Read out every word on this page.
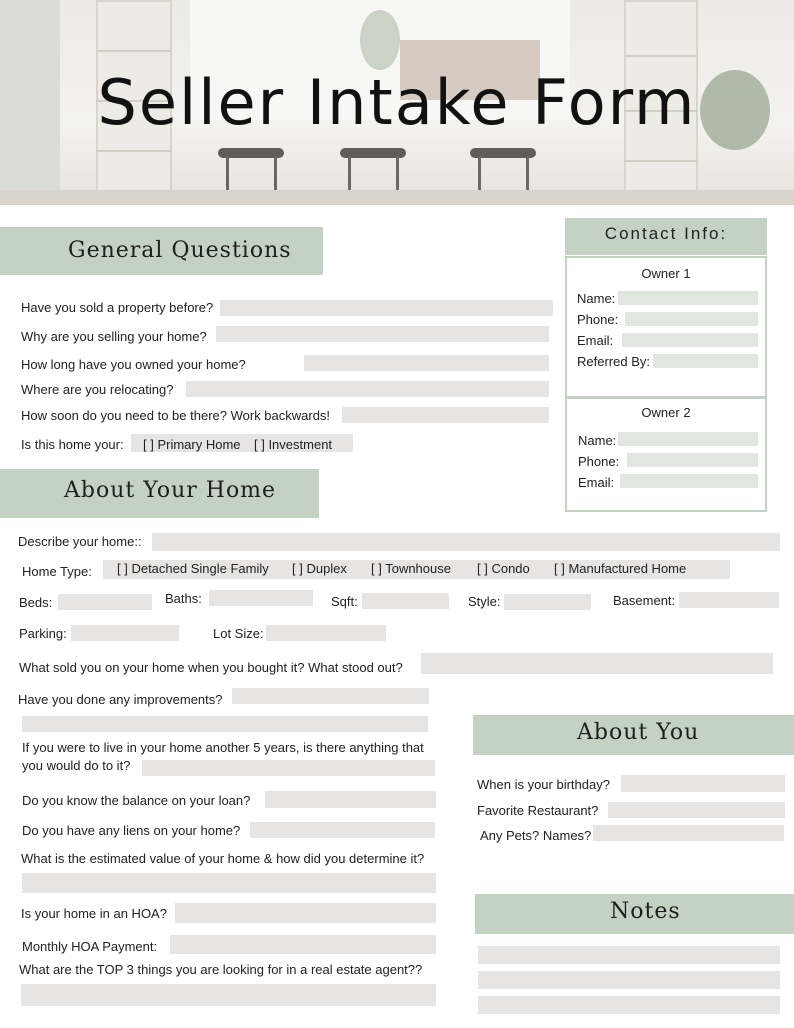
Seller Intake Form
General Questions
Have you sold a property before?
Why are you selling your home?
How long have you owned your home?
Where are you relocating?
How soon do you need to be there? Work backwards!
Is this home your: [ ] Primary Home [ ] Investment
Contact Info:
Owner 1
Name:
Phone:
Email:
Referred By:
Owner 2
Name:
Phone:
Email:
About Your Home
Describe your home::
Home Type: [ ] Detached Single Family [ ] Duplex [ ] Townhouse [ ] Condo [ ] Manufactured Home
Beds:	Baths:	Sqft:	Style:	Basement:
Parking:	Lot Size:
What sold you on your home when you bought it? What stood out?
Have you done any improvements?
If you were to live in your home another 5 years, is there anything that
you would do to it?
Do you know the balance on your loan?
Do you have any liens on your home?
What is the estimated value of your home & how did you determine it?
Is your home in an HOA?
Monthly HOA Payment:
What are the TOP 3 things you are looking for in a real estate agent??
About You
When is your birthday?
Favorite Restaurant?
Any Pets? Names?
Notes
